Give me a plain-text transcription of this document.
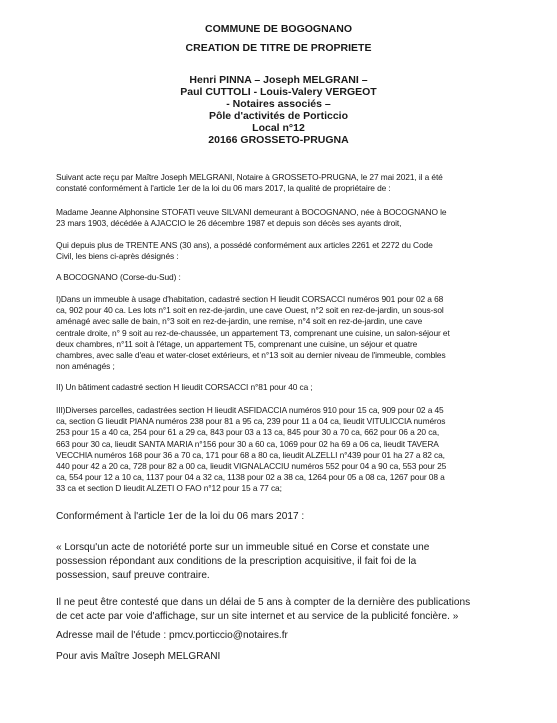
COMMUNE DE BOGOGNANO
CREATION DE TITRE DE PROPRIETE
Henri PINNA – Joseph MELGRANI –
Paul CUTTOLI - Louis-Valery VERGEOT
- Notaires associés –
Pôle d'activités de Porticcio
Local n°12
20166 GROSSETO-PRUGNA
Suivant acte reçu par Maître Joseph MELGRANI, Notaire à GROSSETO-PRUGNA, le 27 mai 2021, il a été
constaté conformément à l'article 1er de la loi du 06 mars 2017, la qualité de propriétaire de :
Madame Jeanne Alphonsine STOFATI veuve SILVANI demeurant à BOCOGNANO, née à BOCOGNANO le
23 mars 1903, décédée à AJACCIO le 26 décembre 1987 et depuis son décès ses ayants droit,
Qui depuis plus de TRENTE ANS (30 ans), a possédé conformément aux articles 2261 et 2272 du Code
Civil, les biens ci-après désignés :
A BOCOGNANO (Corse-du-Sud) :
I)Dans un immeuble à usage d'habitation, cadastré section H lieudit CORSACCI numéros 901 pour 02 a 68
ca, 902 pour 40 ca. Les lots n°1 soit en rez-de-jardin, une cave Ouest, n°2 soit en rez-de-jardin, un sous-sol
aménagé avec salle de bain, n°3 soit en rez-de-jardin, une remise, n°4 soit en rez-de-jardin, une cave
centrale droite, n° 9 soit au rez-de-chaussée, un appartement T3, comprenant une cuisine, un salon-séjour et
deux chambres, n°11 soit à l'étage, un appartement T5, comprenant une cuisine, un séjour et quatre
chambres, avec salle d'eau et water-closet extérieurs, et n°13 soit au dernier niveau de l'immeuble, combles
non aménagés ;
II) Un bâtiment cadastré section H lieudit CORSACCI n°81 pour 40 ca ;
III)Diverses parcelles, cadastrées section H lieudit ASFIDACCIA numéros 910 pour 15 ca, 909 pour 02 a 45
ca, section G lieudit PIANA numéros 238 pour 81 a 95 ca, 239 pour 11 a 04 ca, lieudit VITULICCIA numéros
253 pour 15 a 40 ca, 254 pour 61 a 29 ca, 843 pour 03 a 13 ca, 845 pour 30 a 70 ca, 662 pour 06 a 20 ca,
663 pour 30 ca, lieudit SANTA MARIA n°156 pour 30 a 60 ca, 1069 pour 02 ha 69 a 06 ca, lieudit TAVERA
VECCHIA numéros 168 pour 36 a 70 ca, 171 pour 68 a 80 ca, lieudit ALZELLI n°439 pour 01 ha 27 a 82 ca,
440 pour 42 a 20 ca, 728 pour 82 a 00 ca, lieudit VIGNALACCIU numéros 552 pour 04 a 90 ca, 553 pour 25
ca, 554 pour 12 a 10 ca, 1137 pour 04 a 32 ca, 1138 pour 02 a 38 ca, 1264 pour 05 a 08 ca, 1267 pour 08 a
33 ca et section D lieudit ALZETI O FAO n°12 pour 15 a 77 ca;
Conformément à l'article 1er de la loi du 06 mars 2017 :
« Lorsqu'un acte de notoriété porte sur un immeuble situé en Corse et constate une
possession répondant aux conditions de la prescription acquisitive, il fait foi de la
possession, sauf preuve contraire.
Il ne peut être contesté que dans un délai de 5 ans à compter de la dernière des publications
de cet acte par voie d'affichage, sur un site internet et au service de la publicité foncière. »
Adresse mail de l'étude : pmcv.porticcio@notaires.fr
Pour avis Maître Joseph MELGRANI
